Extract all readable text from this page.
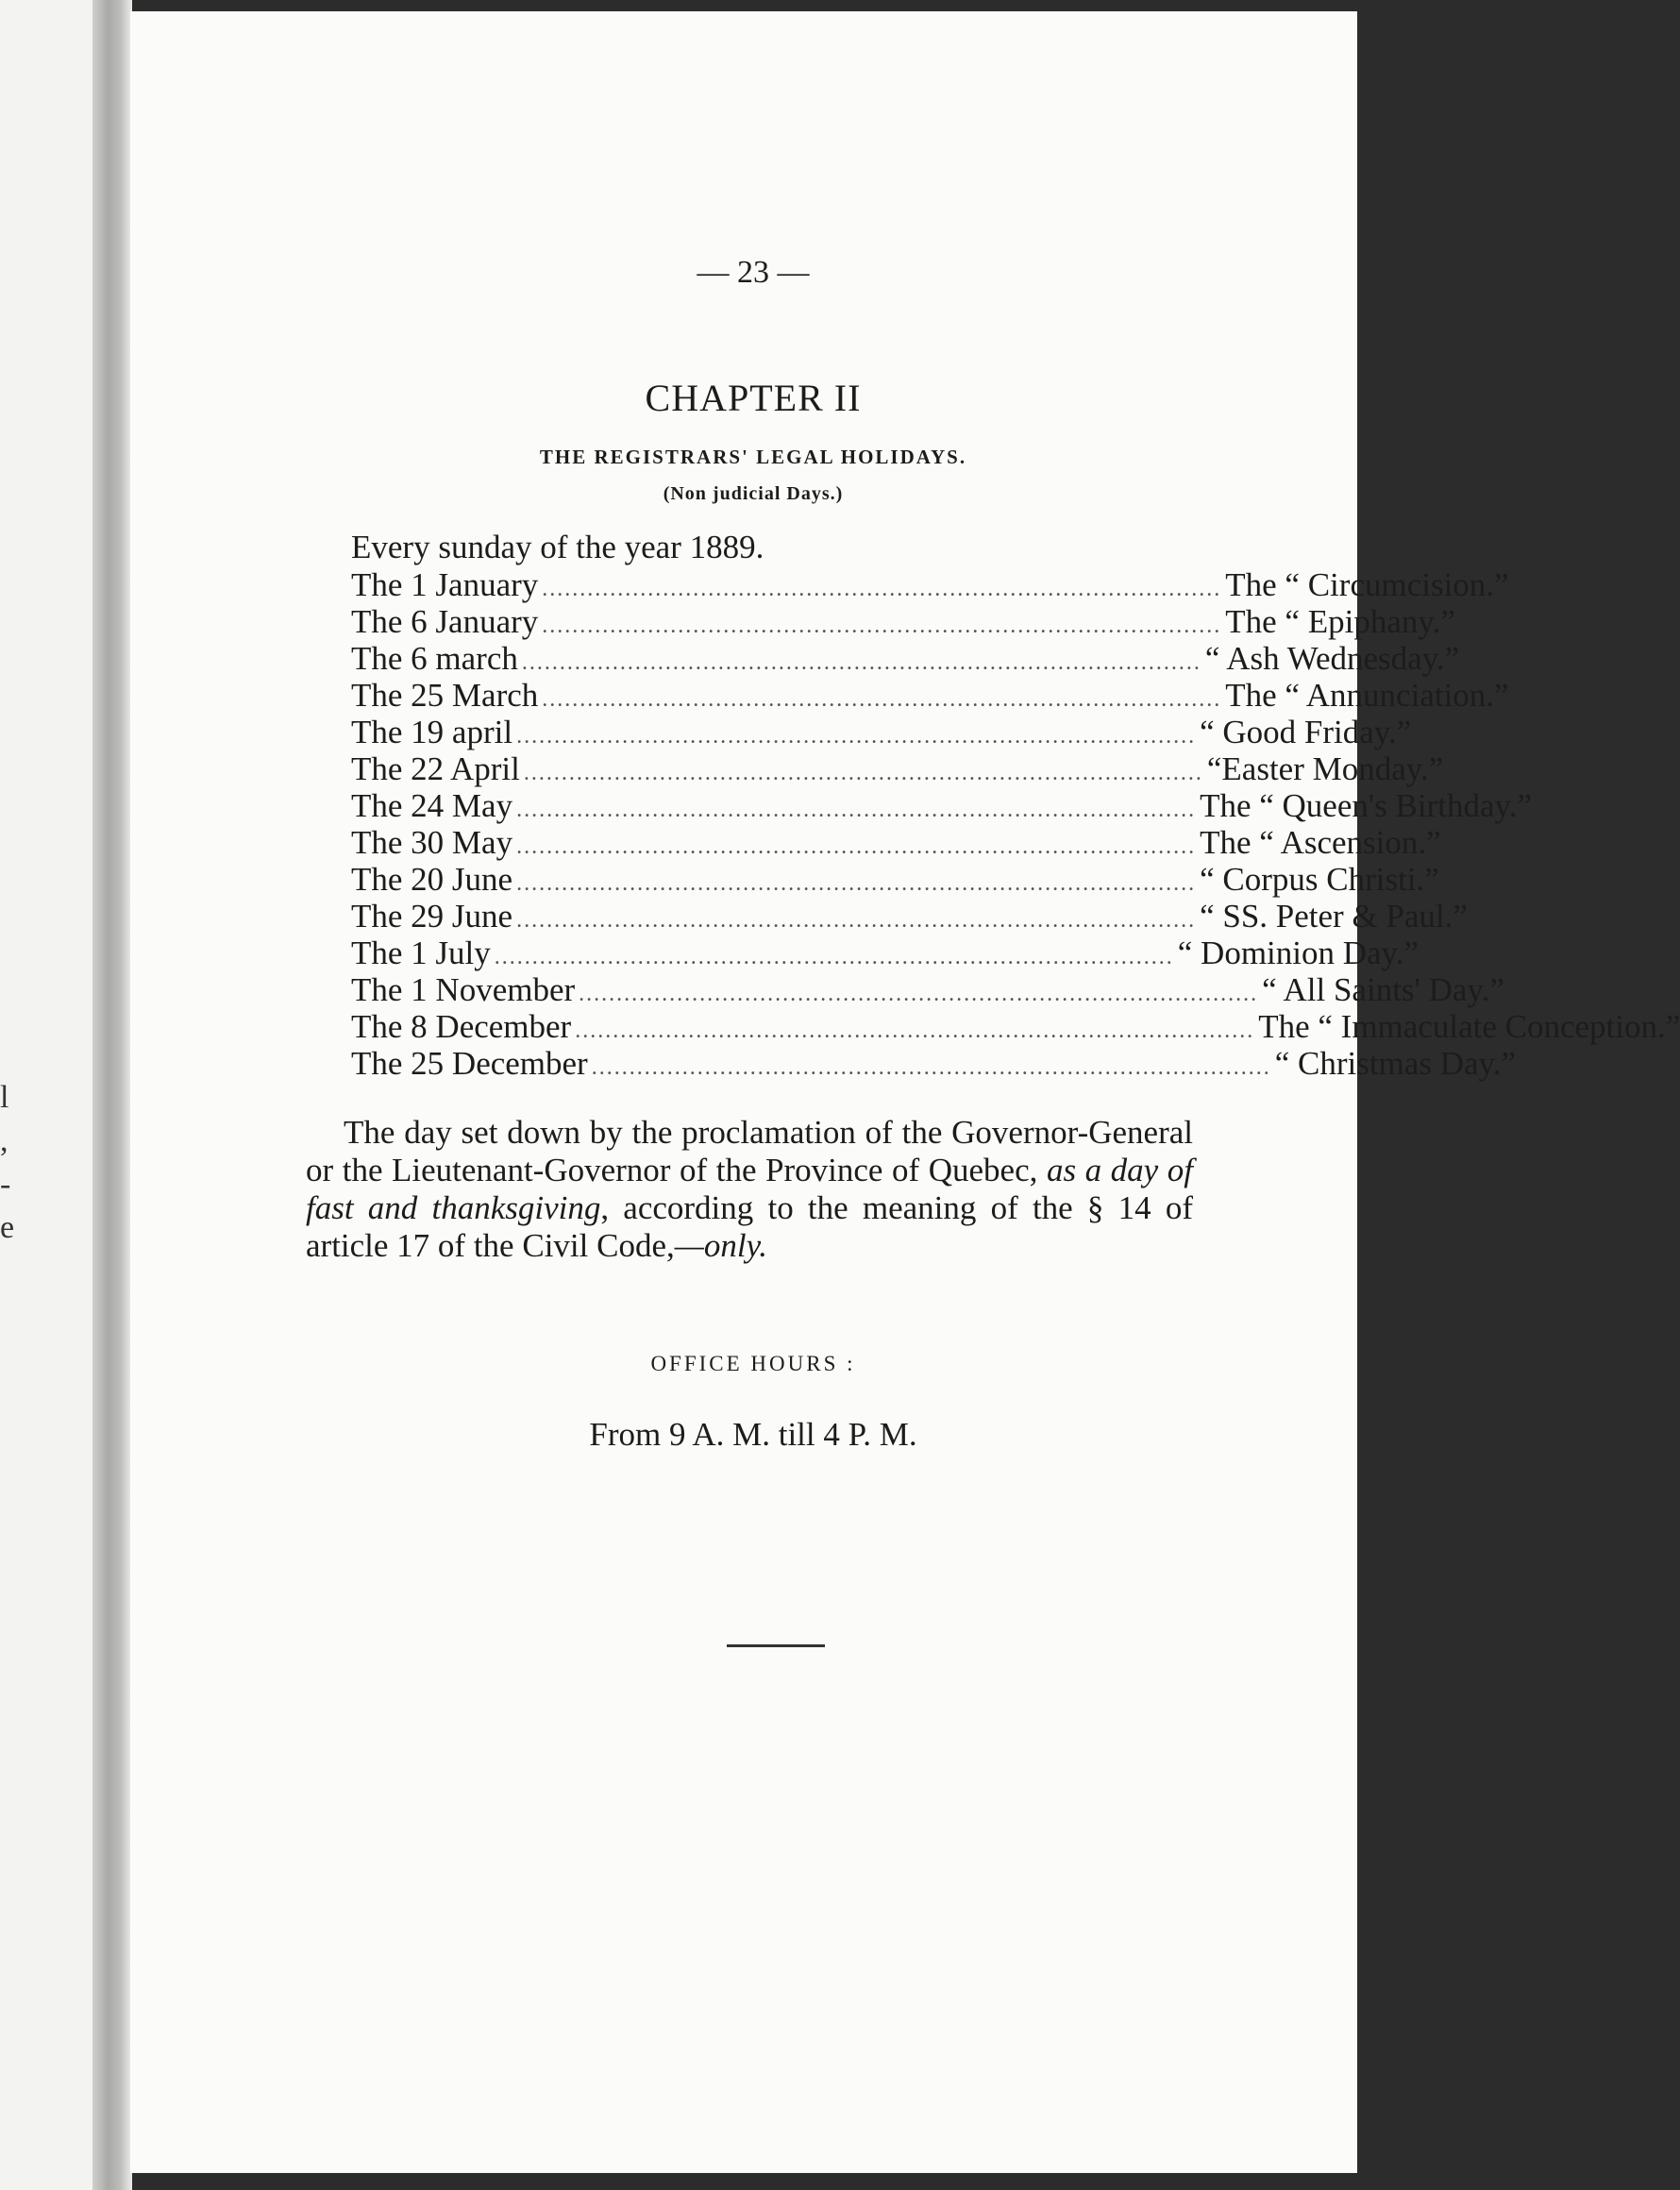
l
,
-
e
— 23 —
CHAPTER II
THE REGISTRARS' LEGAL HOLIDAYS.
(Non judicial Days.)
Every sunday of the year 1889.
The 1 January .......................................................................................... The “ Circumcision.”
The 6 January .......................................................................................... The “ Epiphany.”
The 6 march .......................................................................................... “ Ash Wednesday.”
The 25 March .......................................................................................... The “ Annunciation.”
The 19 april .......................................................................................... “ Good Friday.”
The 22 April .......................................................................................... “Easter Monday.”
The 24 May .......................................................................................... The “ Queen's Birthday.”
The 30 May .......................................................................................... The “ Ascension.”
The 20 June .......................................................................................... “ Corpus Christi.”
The 29 June .......................................................................................... “ SS. Peter & Paul.”
The 1 July .......................................................................................... “ Dominion Day.”
The 1 November .......................................................................................... “ All Saints' Day.”
The 8 December .......................................................................................... The “ Immaculate Conception.”
The 25 December .......................................................................................... “ Christmas Day.”
The day set down by the proclamation of the Governor-General or the Lieutenant-Governor of the Province of Quebec, as a day of fast and thanksgiving, according to the meaning of the § 14 of article 17 of the Civil Code,—only.
OFFICE HOURS :
From 9 A. M. till 4 P. M.
